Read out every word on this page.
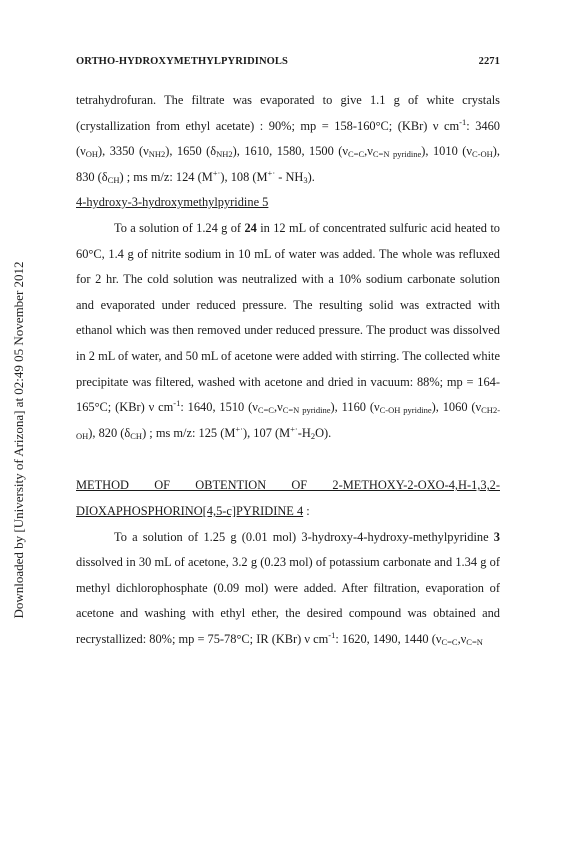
ORTHO-HYDROXYMETHYLPYRIDINOLS	2271
Downloaded by [University of Arizona] at 02:49 05 November 2012

tetrahydrofuran. The filtrate was evaporated to give 1.1 g of white crystals (crystallization from ethyl acetate) : 90%; mp = 158-160°C; (KBr) ν $cm^{-1}$: 3460 $(\nu_{OH})$, 3350 $(\nu_{NH2})$, 1650 $(\delta_{NH2})$, 1610, 1580, 1500 $(\nu_{C=C},\nu_{C=N pyridine})$, 1010 $(\nu_{C-OH})$, 830 $(\delta_{CH})$ ; ms m/z: 124 (M+·), 108 $(M^{+\cdot} - NH_3)$.

4-hydroxy-3-hydroxymethylpyridine 5

To a solution of 1.24 g of 24 in 12 mL of concentrated sulfuric acid heated to 60°C, 1.4 g of nitrite sodium in 10 mL of water was added. The whole was refluxed for 2 hr. The cold solution was neutralized with a 10% sodium carbonate solution and evaporated under reduced pressure. The resulting solid was extracted with ethanol which was then removed under reduced pressure. The product was dissolved in 2 mL of water, and 50 mL of acetone were added with stirring. The collected white precipitate was filtered, washed with acetone and dried in vacuum: 88%; mp = 164-165°C; (KBr) ν $cm^{-1}$: 1640, 1510 $(\nu_{C=C},\nu_{C=N pyridine})$, 1160 $(\nu_{C-OH pyridine})$, 1060 $(\nu_{CH2-OH})$, 820 $(\delta_{CH})$ ; ms m/z: 125 (M+·), 107 $(M^{+\cdot}-H_2O)$.

METHOD OF OBTENTION OF 2-METHOXY-2-OXO-4,H-1,3,2-DIOXAPHOSPHORINO[4,5-c]PYRIDINE 4 :

To a solution of 1.25 g (0.01 mol) 3-hydroxy-4-hydroxy-methylpyridine 3 dissolved in 30 mL of acetone, 3.2 g (0.23 mol) of potassium carbonate and 1.34 g of methyl dichlorophosphate (0.09 mol) were added. After filtration, evaporation of acetone and washing with ethyl ether, the desired compound was obtained and recrystallized: 80%; mp = 75-78°C; IR (KBr) ν $cm^{-1}$: 1620, 1490, 1440 ($\nu_{C=C},\nu_{C=N}$
